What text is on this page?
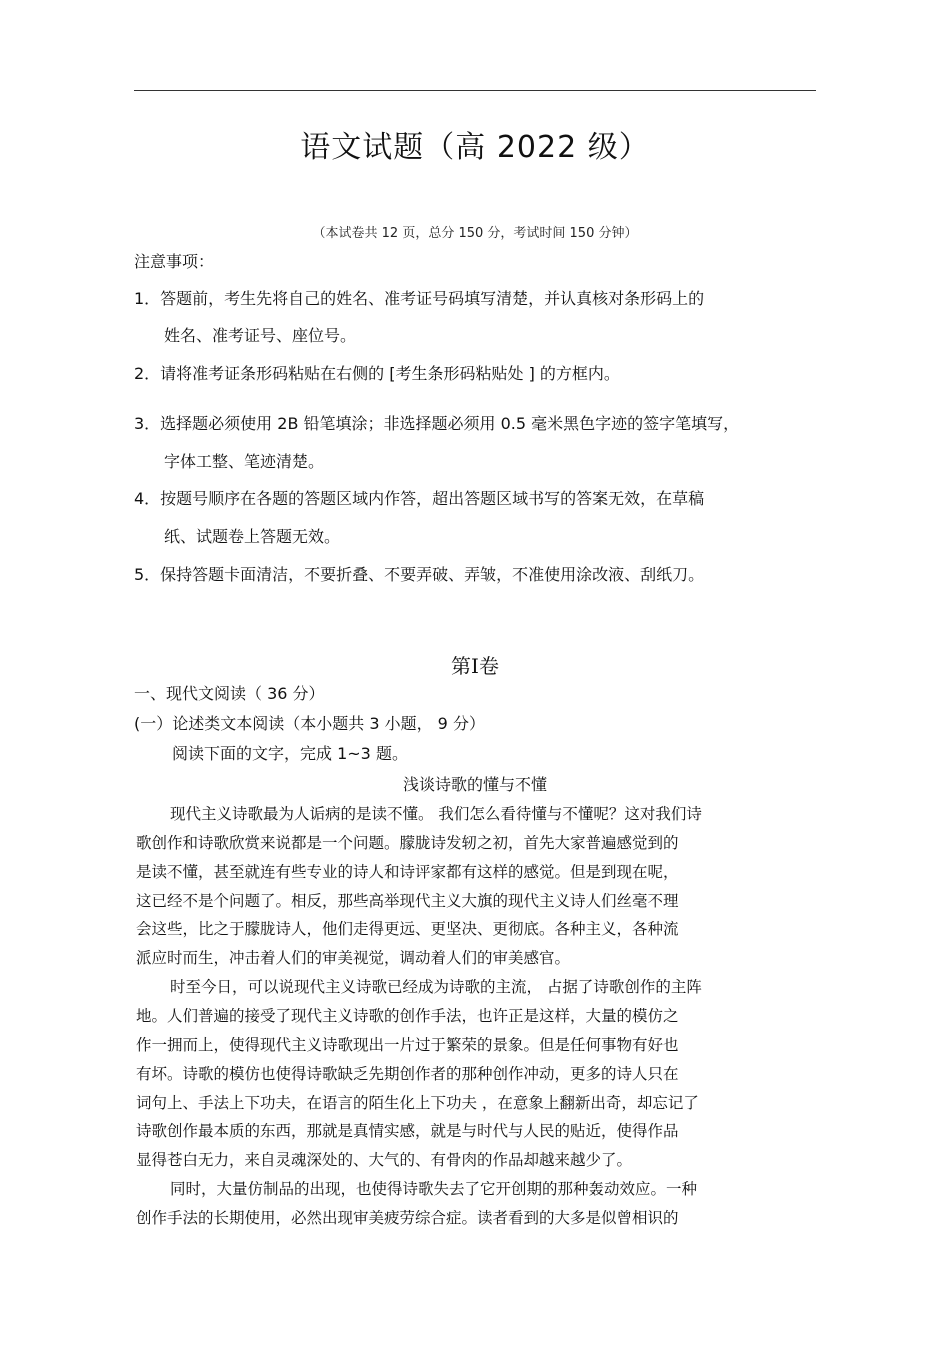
语文试题（高 2022 级）
（本试卷共 12 页，总分 150 分，考试时间 150 分钟）
注意事项：
1．答题前，考生先将自己的姓名、准考证号码填写清楚，并认真核对条形码上的
姓名、准考证号、座位号。
2．请将准考证条形码粘贴在右侧的 [考生条形码粘贴处 ] 的方框内。
3．选择题必须使用 2B 铅笔填涂；非选择题必须用 0.5 毫米黑色字迹的签字笔填写，
字体工整、笔迹清楚。
4．按题号顺序在各题的答题区域内作答，超出答题区域书写的答案无效，在草稿
纸、试题卷上答题无效。
5．保持答题卡面清洁，不要折叠、不要弄破、弄皱，不准使用涂改液、刮纸刀。
第Ⅰ卷
一、现代文阅读（ 36 分）
(一）论述类文本阅读（本小题共 3 小题， 9 分）
阅读下面的文字，完成 1~3 题。
浅谈诗歌的懂与不懂
现代主义诗歌最为人诟病的是读不懂。 我们怎么看待懂与不懂呢？这对我们诗
歌创作和诗歌欣赏来说都是一个问题。朦胧诗发轫之初，首先大家普遍感觉到的
是读不懂，甚至就连有些专业的诗人和诗评家都有这样的感觉。但是到现在呢，
这已经不是个问题了。相反，那些高举现代主义大旗的现代主义诗人们丝毫不理
会这些，比之于朦胧诗人，他们走得更远、更坚决、更彻底。各种主义，各种流
派应时而生，冲击着人们的审美视觉，调动着人们的审美感官。
时至今日，可以说现代主义诗歌已经成为诗歌的主流， 占据了诗歌创作的主阵
地。人们普遍的接受了现代主义诗歌的创作手法，也许正是这样，大量的模仿之
作一拥而上，使得现代主义诗歌现出一片过于繁荣的景象。但是任何事物有好也
有坏。诗歌的模仿也使得诗歌缺乏先期创作者的那种创作冲动，更多的诗人只在
词句上、手法上下功夫，在语言的陌生化上下功夫 ，在意象上翻新出奇，却忘记了
诗歌创作最本质的东西，那就是真情实感，就是与时代与人民的贴近，使得作品
显得苍白无力，来自灵魂深处的、大气的、有骨肉的作品却越来越少了。
同时，大量仿制品的出现，也使得诗歌失去了它开创期的那种轰动效应。一种
创作手法的长期使用，必然出现审美疲劳综合症。读者看到的大多是似曾相识的
